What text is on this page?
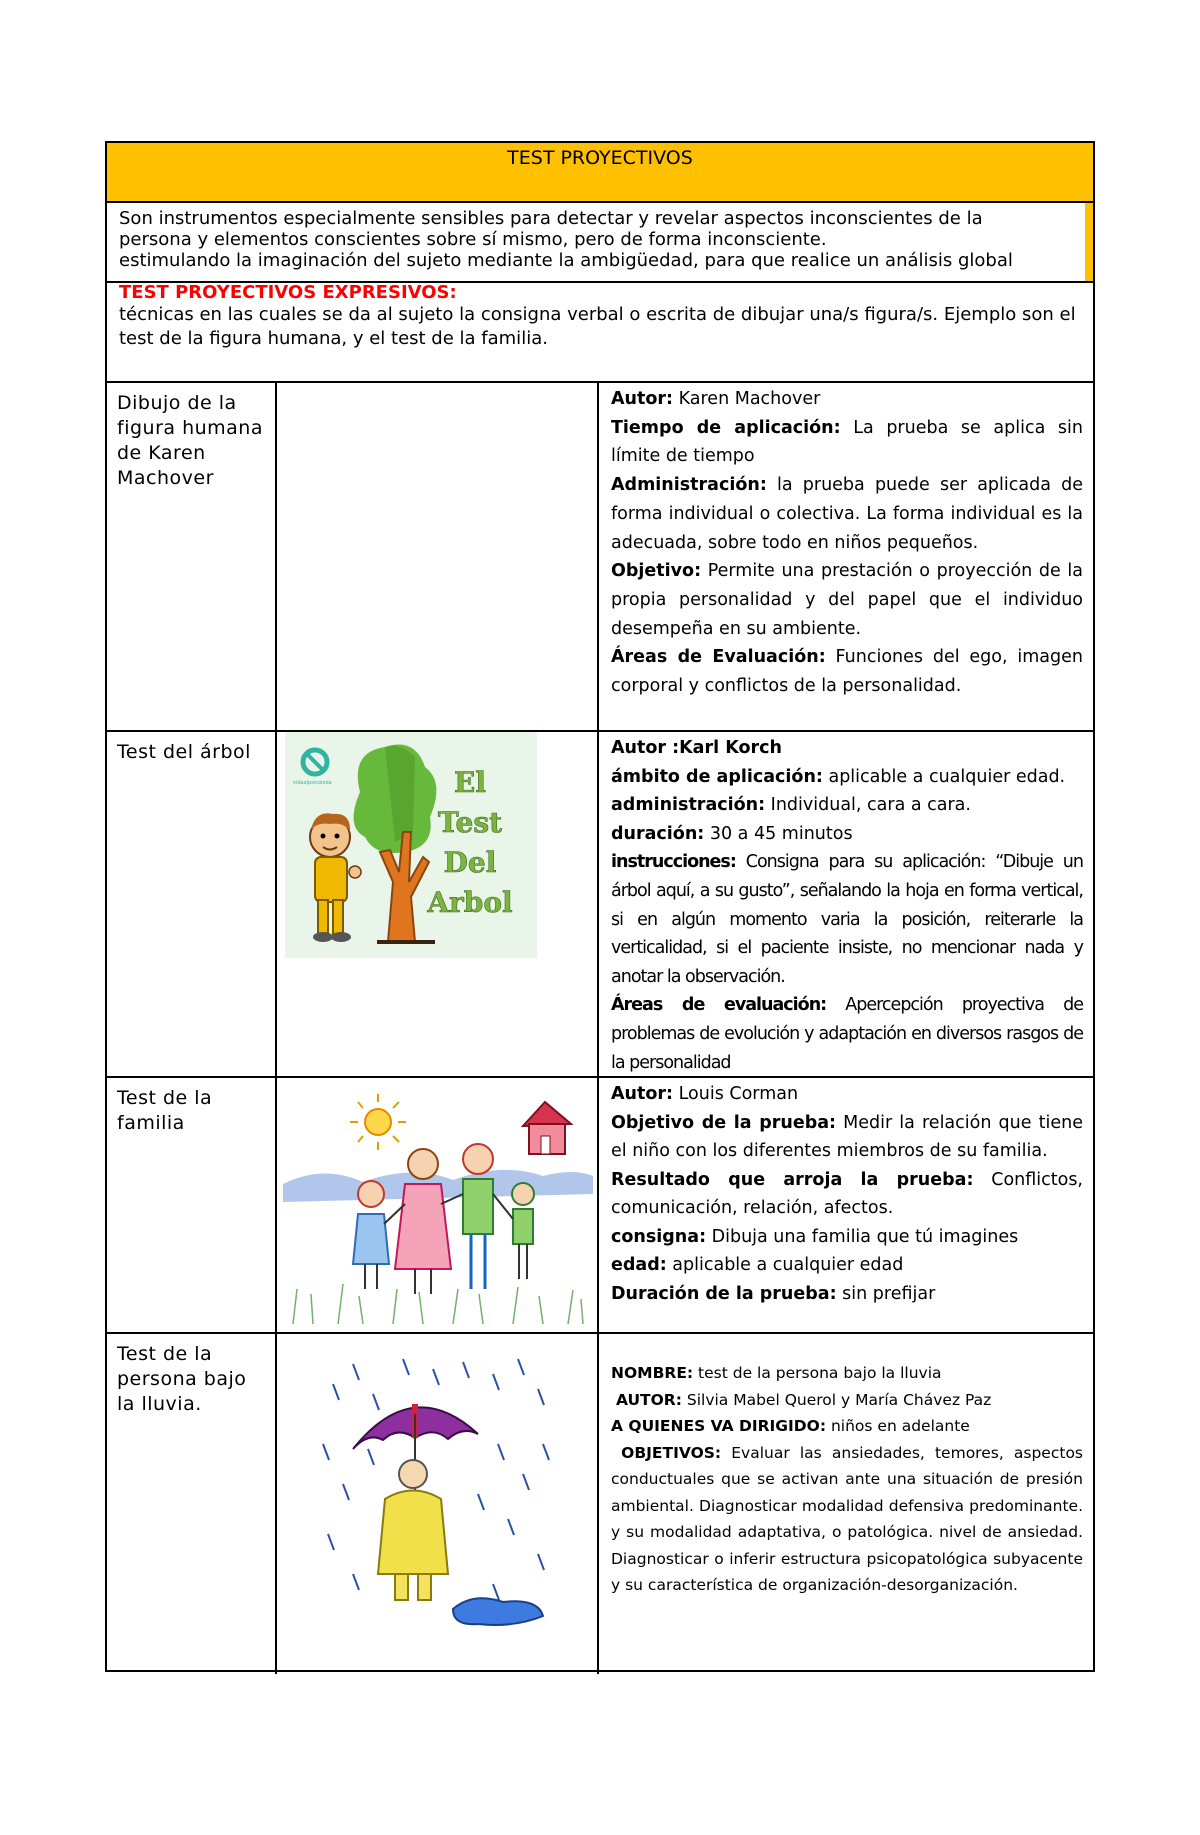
TEST PROYECTIVOS

Son instrumentos especialmente sensibles para detectar y revelar aspectos inconscientes de la

persona y elementos conscientes sobre sí mismo, pero de forma inconsciente.

estimulando la imaginación del sujeto mediante la ambigüedad, para que realice un análisis global

TEST PROYECTIVOS EXPRESIVOS:
técnicas en las cuales se da al sujeto la consigna verbal o escrita de dibujar una/s figura/s. Ejemplo son el test de la figura humana, y el test de la familia.
Dibujo de la figura humana de Karen Machover

Autor: Karen Machover

Tiempo de aplicación: La prueba se aplica sin límite de tiempo

Administración: la prueba puede ser aplicada de forma individual o colectiva. La forma individual es la adecuada, sobre todo en niños pequeños.

Objetivo: Permite una prestación o proyección de la propia personalidad y del papel que el individuo desempeña en su ambiente.

Áreas de Evaluación: Funciones del ego, imagen corporal y conflictos de la personalidad.

Test del árbol
vidaalpsicoloda	El
Test
Del
Arbol

Autor :Karl Korch

ámbito de aplicación: aplicable a cualquier edad.

administración: Individual, cara a cara.

duración: 30 a 45 minutos

instrucciones: Consigna para su aplicación: “Dibuje un árbol aquí, a su gusto”, señalando la hoja en forma vertical, si en algún momento varia la posición, reiterarle la verticalidad, si el paciente insiste, no mencionar nada y anotar la observación.

Áreas de evaluación: Apercepción proyectiva de problemas de evolución y adaptación en diversos rasgos de la personalidad

Test de la familia

Autor: Louis Corman

Objetivo de la prueba: Medir la relación que tiene el niño con los diferentes miembros de su familia.

Resultado que arroja la prueba: Conflictos, comunicación, relación, afectos.

consigna: Dibuja una familia que tú imagines

edad: aplicable a cualquier edad

Duración de la prueba: sin prefijar

Test de la persona bajo la lluvia.

NOMBRE: test de la persona bajo la lluvia

AUTOR: Silvia Mabel Querol y María Chávez Paz

A QUIENES VA DIRIGIDO: niños en adelante

OBJETIVOS: Evaluar las ansiedades, temores, aspectos conductuales que se activan ante una situación de presión ambiental. Diagnosticar modalidad defensiva predominante. y su modalidad adaptativa, o patológica. nivel de ansiedad. Diagnosticar o inferir estructura psicopatológica subyacente y su característica de organización-desorganización.
